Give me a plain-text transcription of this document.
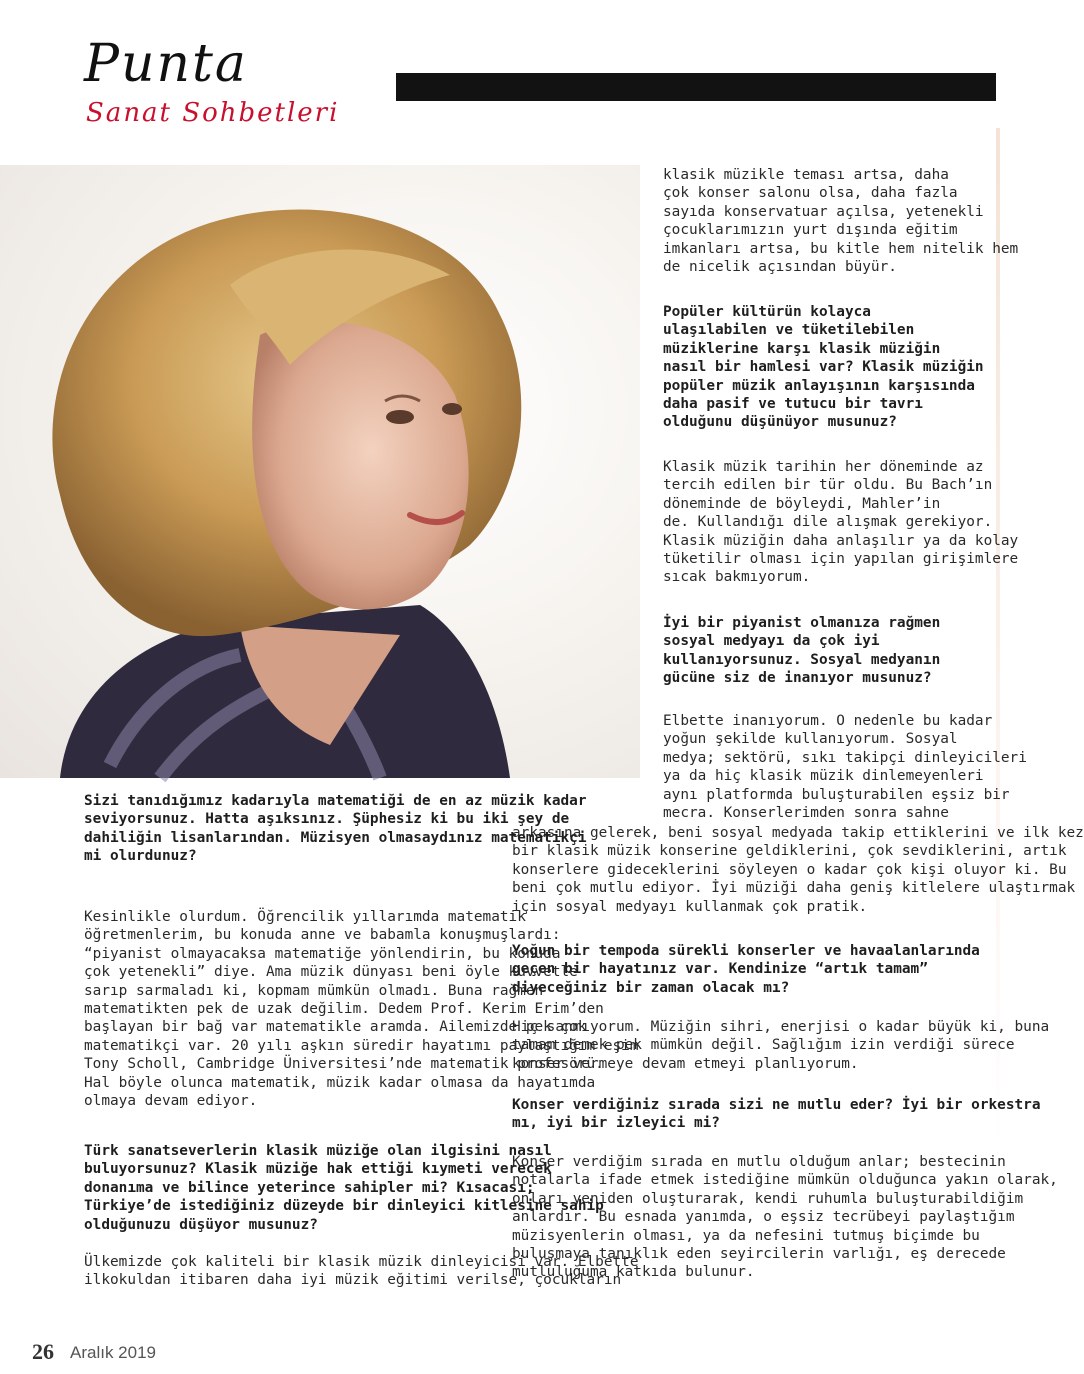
Punta
Sanat Sohbetleri
klasik müzikle teması artsa, daha
çok konser salonu olsa, daha fazla
sayıda konservatuar açılsa, yetenekli
çocuklarımızın yurt dışında eğitim
imkanları artsa, bu kitle hem nitelik hem
de nicelik açısından büyür.
Popüler kültürün kolayca
ulaşılabilen ve tüketilebilen
müziklerine karşı klasik müziğin
nasıl bir hamlesi var? Klasik müziğin
popüler müzik anlayışının karşısında
daha pasif ve tutucu bir tavrı
olduğunu düşünüyor musunuz?
Klasik müzik tarihin her döneminde az
tercih edilen bir tür oldu. Bu Bach’ın
döneminde de böyleydi, Mahler’in
de. Kullandığı dile alışmak gerekiyor.
Klasik müziğin daha anlaşılır ya da kolay
tüketilir olması için yapılan girişimlere
sıcak bakmıyorum.
İyi bir piyanist olmanıza rağmen
sosyal medyayı da çok iyi
kullanıyorsunuz. Sosyal medyanın
gücüne siz de inanıyor musunuz?
Elbette inanıyorum. O nedenle bu kadar
yoğun şekilde kullanıyorum. Sosyal
medya; sektörü, sıkı takipçi dinleyicileri
ya da hiç klasik müzik dinlemeyenleri
aynı platformda buluşturabilen eşsiz bir
mecra. Konserlerimden sonra sahne
arkasına gelerek, beni sosyal medyada takip ettiklerini ve ilk kez
bir klasik müzik konserine geldiklerini, çok sevdiklerini, artık
konserlere gideceklerini söyleyen o kadar çok kişi oluyor ki. Bu
beni çok mutlu ediyor. İyi müziği daha geniş kitlelere ulaştırmak
için sosyal medyayı kullanmak çok pratik.
Yoğun bir tempoda sürekli konserler ve havaalanlarında
geçen bir hayatınız var. Kendinize “artık tamam”
diyeceğiniz bir zaman olacak mı?
Hiç sanmıyorum. Müziğin sihri, enerjisi o kadar büyük ki, buna
tamam demek pek mümkün değil. Sağlığım izin verdiği sürece
konser vermeye devam etmeyi planlıyorum.
Konser verdiğiniz sırada sizi ne mutlu eder? İyi bir orkestra
mı, iyi bir izleyici mi?
Konser verdiğim sırada en mutlu olduğum anlar; bestecinin
notalarla ifade etmek istediğine mümkün olduğunca yakın olarak,
onları yeniden oluşturarak, kendi ruhumla buluşturabildiğim
anlardır. Bu esnada yanımda, o eşsiz tecrübeyi paylaştığım
müzisyenlerin olması, ya da nefesini tutmuş biçimde bu
buluşmaya tanıklık eden seyircilerin varlığı, eş derecede
mutluluğuma katkıda bulunur.
Sizi tanıdığımız kadarıyla matematiği de en az müzik kadar
seviyorsunuz. Hatta aşıksınız. Şüphesiz ki bu iki şey de
dahiliğin lisanlarından. Müzisyen olmasaydınız matematikçi
mi olurdunuz?
Kesinlikle olurdum. Öğrencilik yıllarımda matematik
öğretmenlerim, bu konuda anne ve babamla konuşmuşlardı:
“piyanist olmayacaksa matematiğe yönlendirin, bu konuda
çok yetenekli” diye. Ama müzik dünyası beni öyle kuvvetle
sarıp sarmaladı ki, kopmam mümkün olmadı. Buna rağmen
matematikten pek de uzak değilim. Dedem Prof. Kerim Erim’den
başlayan bir bağ var matematikle aramda. Ailemizde pek çok
matematikçi var. 20 yılı aşkın süredir hayatımı paylaştığım eşim
Tony Scholl, Cambridge Üniversitesi’nde matematik profesörü.
Hal böyle olunca matematik, müzik kadar olmasa da hayatımda
olmaya devam ediyor.
Türk sanatseverlerin klasik müziğe olan ilgisini nasıl
buluyorsunuz? Klasik müziğe hak ettiği kıymeti verecek
donanıma ve bilince yeterince sahipler mi? Kısacası;
Türkiye’de istediğiniz düzeyde bir dinleyici kitlesine sahip
olduğunuzu düşüyor musunuz?
Ülkemizde çok kaliteli bir klasik müzik dinleyicisi var. Elbette
ilkokuldan itibaren daha iyi müzik eğitimi verilse, çocukların
26 Aralık 2019
